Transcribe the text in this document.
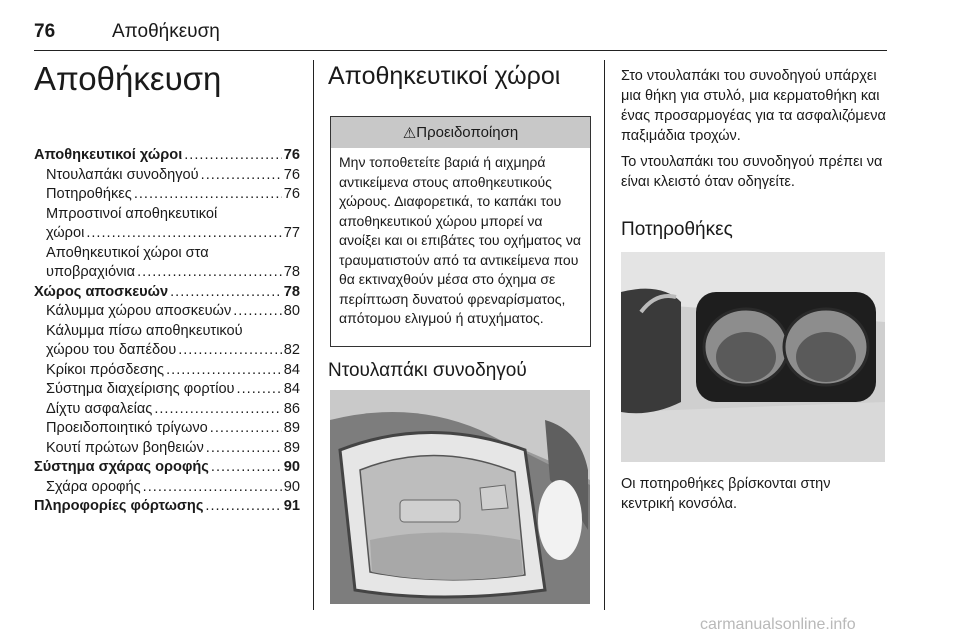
76	Αποθήκευση
Αποθήκευση
Αποθηκευτικοί χώροι .....	76
Ντουλαπάκι συνοδηγού .....	76
Ποτηροθήκες .....	76
Μπροστινοί αποθηκευτικοί
χώροι .....	77
Αποθηκευτικοί χώροι στα
υποβραχιόνια .....	78
Χώρος αποσκευών .....	78
Κάλυμμα χώρου αποσκευών .....	80
Κάλυμμα πίσω αποθηκευτικού
χώρου του δαπέδου .....	82
Κρίκοι πρόσδεσης .....	84
Σύστημα διαχείρισης φορτίου .....	84
Δίχτυ ασφαλείας .....	86
Προειδοποιητικό τρίγωνο .....	89
Κουτί πρώτων βοηθειών .....	89
Σύστημα σχάρας οροφής .....	90
Σχάρα οροφής .....	90
Πληροφορίες φόρτωσης .....	91
Αποθηκευτικοί χώροι
⚠ Προειδοποίηση
Μην τοποθετείτε βαριά ή αιχμηρά αντικείμενα στους αποθηκευτικούς χώρους. Διαφορετικά, το καπάκι του αποθηκευτικού χώρου μπορεί να ανοίξει και οι επιβάτες του οχήματος να τραυματιστούν από τα αντικείμενα που θα εκτιναχθούν μέσα στο όχημα σε περίπτωση δυνατού φρεναρίσματος, απότομου ελιγμού ή ατυχήματος.
Ντουλαπάκι συνοδηγού

Στο ντουλαπάκι του συνοδηγού υπάρχει μια θήκη για στυλό, μια κερματοθήκη και ένας προσαρμογέας για τα ασφαλιζόμενα παξιμάδια τροχών.

Το ντουλαπάκι του συνοδηγού πρέπει να είναι κλειστό όταν οδηγείτε.

Ποτηροθήκες
Οι ποτηροθήκες βρίσκονται στην κεντρική κονσόλα.
carmanualsonline.info
